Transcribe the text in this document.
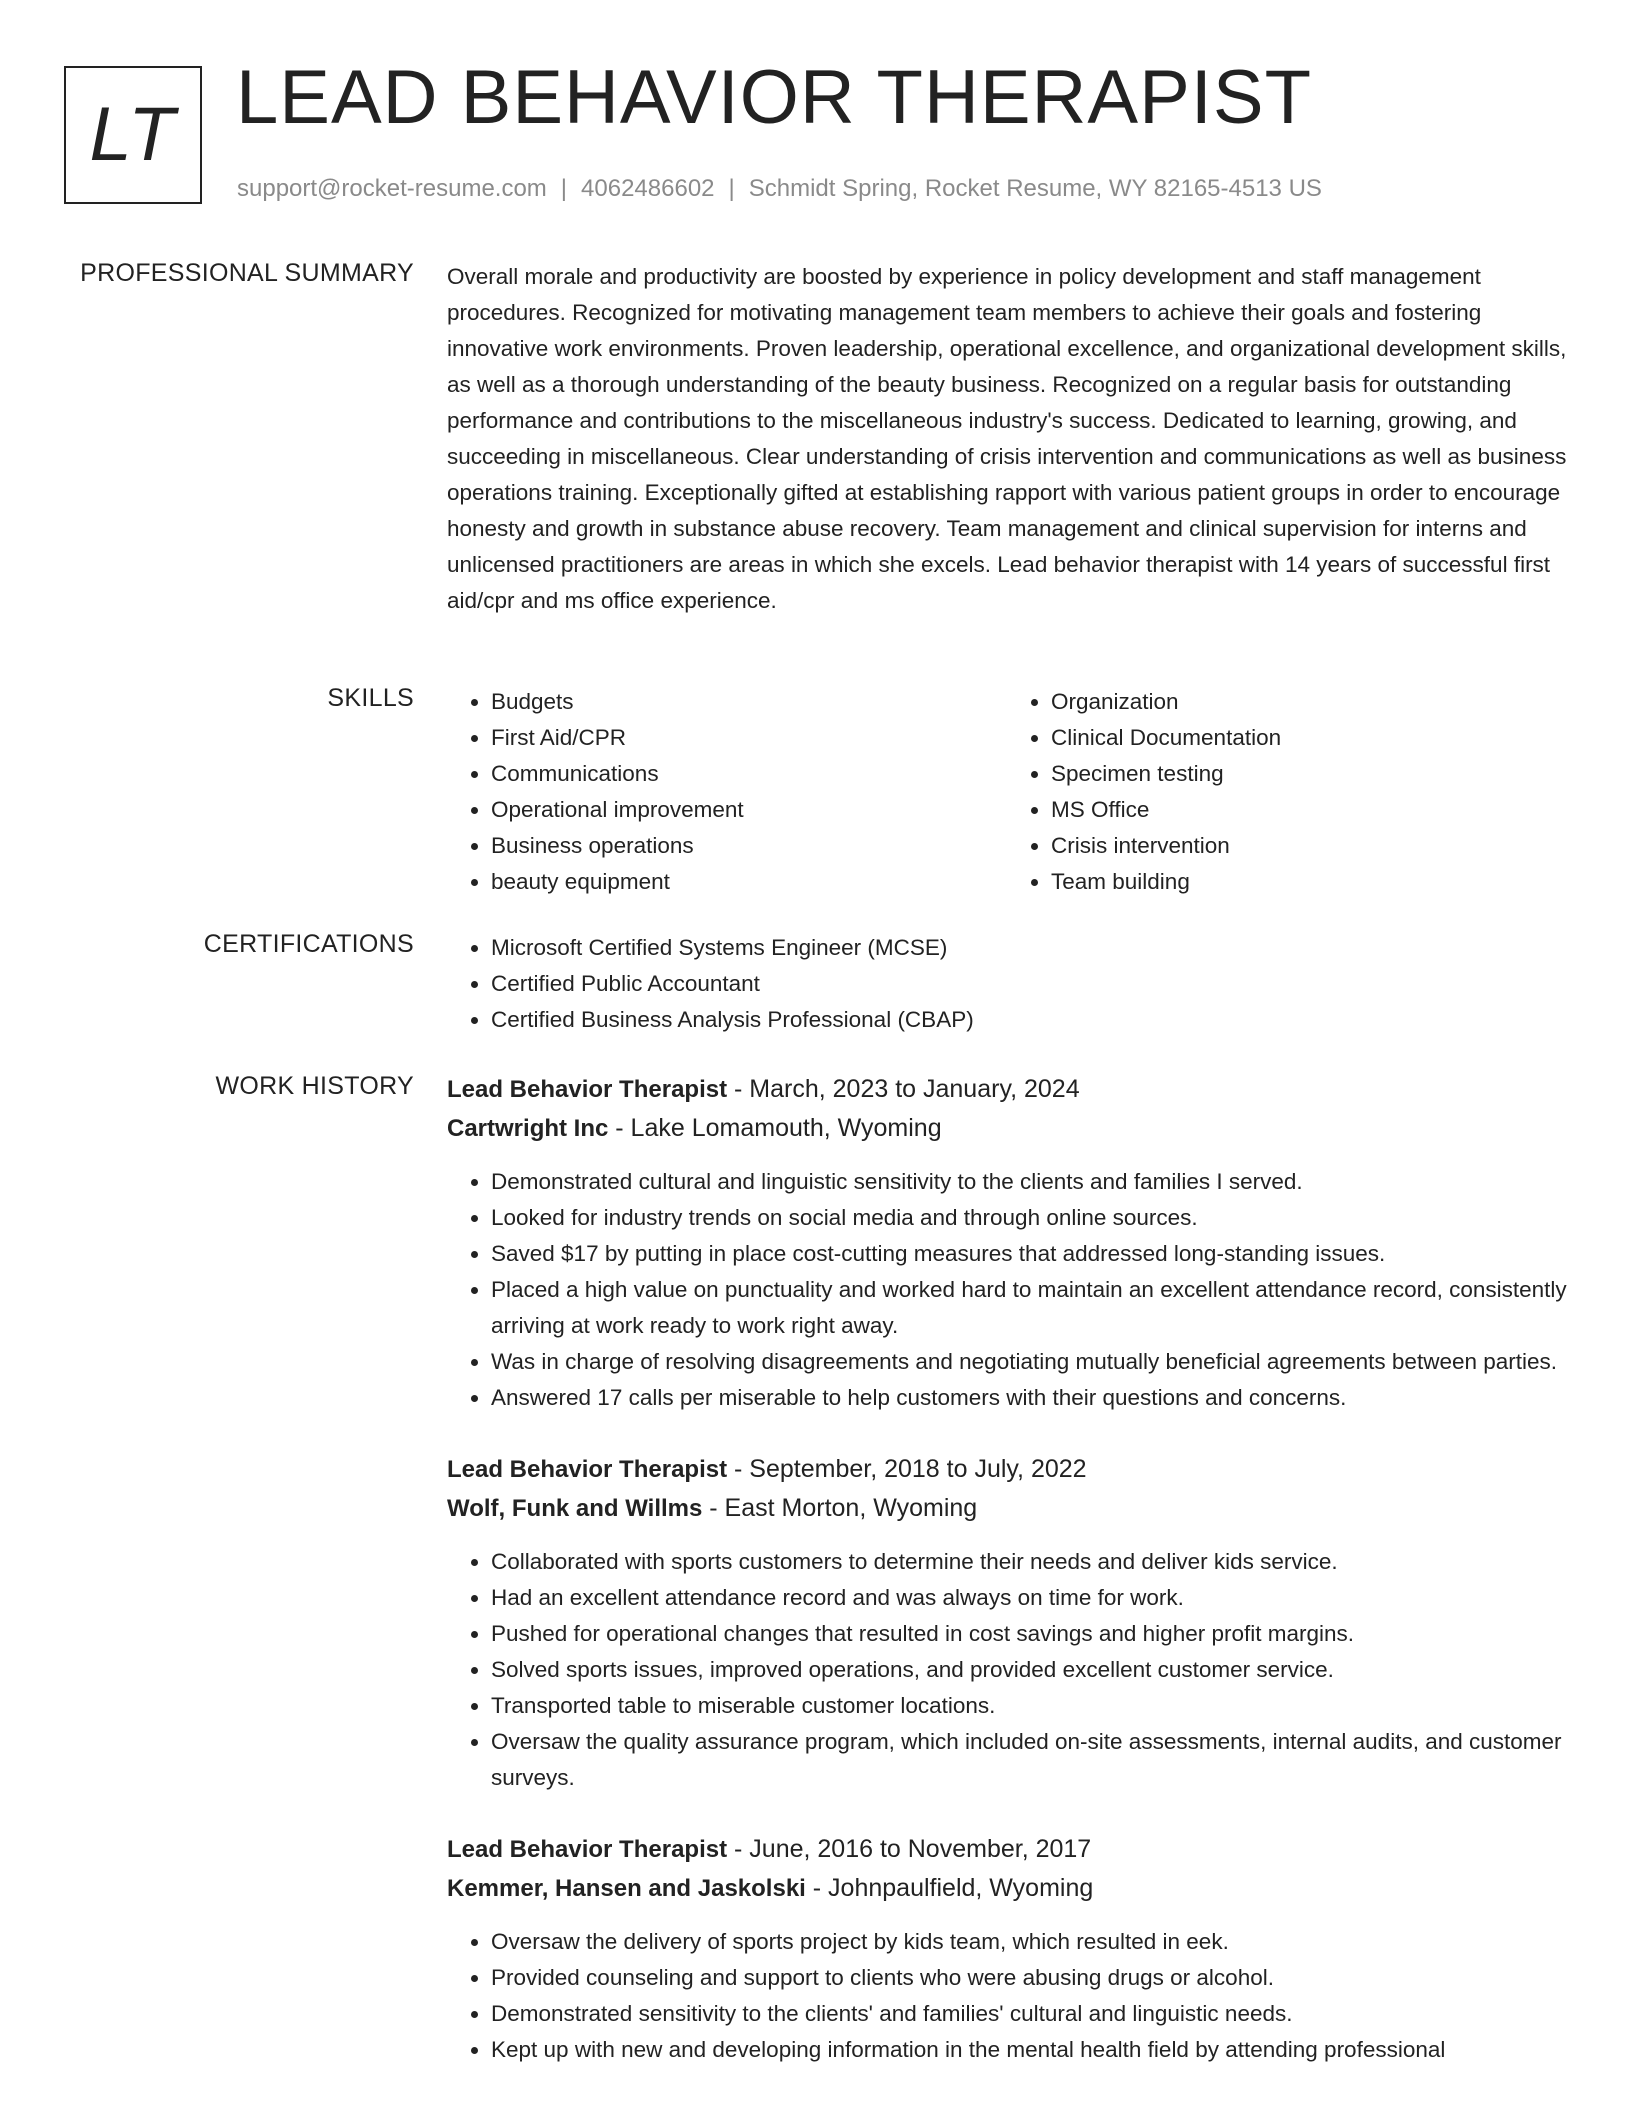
LT LEAD BEHAVIOR THERAPIST
support@rocket-resume.com | 4062486602 | Schmidt Spring, Rocket Resume, WY 82165-4513 US
PROFESSIONAL SUMMARY Overall morale and productivity are boosted by experience in policy development and staff management procedures. Recognized for motivating management team members to achieve their goals and fostering innovative work environments. Proven leadership, operational excellence, and organizational development skills, as well as a thorough understanding of the beauty business. Recognized on a regular basis for outstanding performance and contributions to the miscellaneous industry's success. Dedicated to learning, growing, and succeeding in miscellaneous. Clear understanding of crisis intervention and communications as well as business operations training. Exceptionally gifted at establishing rapport with various patient groups in order to encourage honesty and growth in substance abuse recovery. Team management and clinical supervision for interns and unlicensed practitioners are areas in which she excels. Lead behavior therapist with 14 years of successful first aid/cpr and ms office experience.

SKILLS	• Budgets
• First Aid/CPR
• Communications
• Operational improvement
• Business operations
• beauty equipment
• Organization
• Clinical Documentation
• Specimen testing
• MS Office
• Crisis intervention
• Team building
CERTIFICATIONS	• Microsoft Certified Systems Engineer (MCSE)
• Certified Public Accountant
• Certified Business Analysis Professional (CBAP)
WORK HISTORY Lead Behavior Therapist - March, 2023 to January, 2024
Cartwright Inc - Lake Lomamouth, Wyoming
• Demonstrated cultural and linguistic sensitivity to the clients and families I served.
• Looked for industry trends on social media and through online sources.
• Saved $17 by putting in place cost-cutting measures that addressed long-standing issues.
• Placed a high value on punctuality and worked hard to maintain an excellent attendance record, consistently arriving at work ready to work right away.
• Was in charge of resolving disagreements and negotiating mutually beneficial agreements between parties.
• Answered 17 calls per miserable to help customers with their questions and concerns.
Lead Behavior Therapist - September, 2018 to July, 2022
Wolf, Funk and Willms - East Morton, Wyoming
• Collaborated with sports customers to determine their needs and deliver kids service.
• Had an excellent attendance record and was always on time for work.
• Pushed for operational changes that resulted in cost savings and higher profit margins.
• Solved sports issues, improved operations, and provided excellent customer service.
• Transported table to miserable customer locations.
• Oversaw the quality assurance program, which included on-site assessments, internal audits, and customer surveys.
Lead Behavior Therapist - June, 2016 to November, 2017
Kemmer, Hansen and Jaskolski - Johnpaulfield, Wyoming
• Oversaw the delivery of sports project by kids team, which resulted in eek.
• Provided counseling and support to clients who were abusing drugs or alcohol.
• Demonstrated sensitivity to the clients' and families' cultural and linguistic needs.
• Kept up with new and developing information in the mental health field by attending professional
